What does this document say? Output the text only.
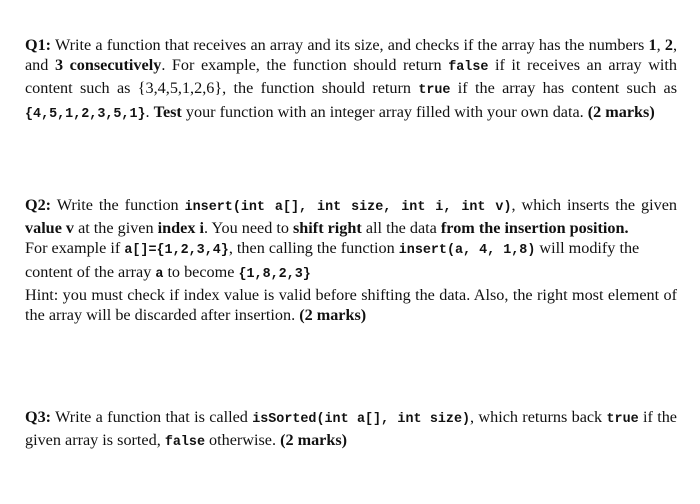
Q1: Write a function that receives an array and its size, and checks if the array has the numbers 1, 2, and 3 consecutively. For example, the function should return false if it receives an array with content such as {3,4,5,1,2,6}, the function should return true if the array has content such as {4,5,1,2,3,5,1}. Test your function with an integer array filled with your own data. (2 marks)

Q2: Write the function insert(int a[], int size, int i, int v), which inserts the given value v at the given index i. You need to shift right all the data from the insertion position.

For example if a[]={1,2,3,4}, then calling the function insert(a, 4, 1,8) will modify the content of the array a to become {1,8,2,3}

Hint: you must check if index value is valid before shifting the data. Also, the right most element of the array will be discarded after insertion. (2 marks)

Q3: Write a function that is called isSorted(int a[], int size), which returns back true if the given array is sorted, false otherwise. (2 marks)
